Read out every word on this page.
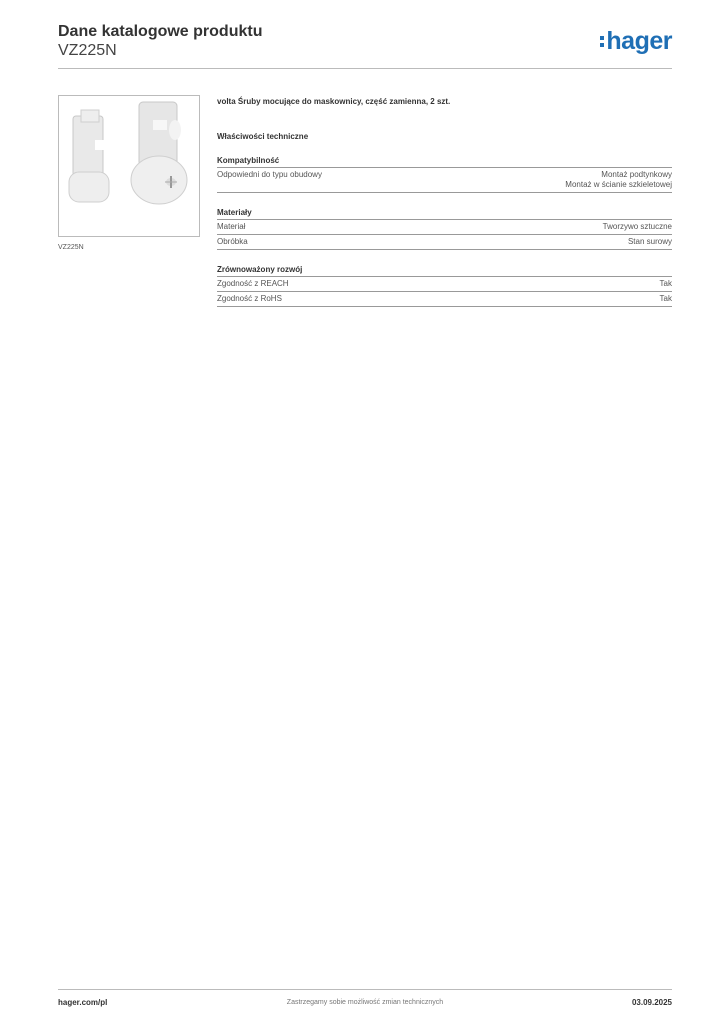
Dane katalogowe produktu
VZ225N	hager
VZ225N
volta Śruby mocujące do maskownicy, część zamienna, 2 szt.
Właściwości techniczne
Kompatybilność
Odpowiedni do typu obudowy	Montaż podtynkowy
Montaż w ścianie szkieletowej
Materiały
Materiał	Tworzywo sztuczne
Obróbka	Stan surowy
Zrównoważony rozwój
Zgodność z REACH	Tak
Zgodność z RoHS	Tak
hager.com/pl	Zastrzegamy sobie możliwość zmian technicznych	03.09.2025
